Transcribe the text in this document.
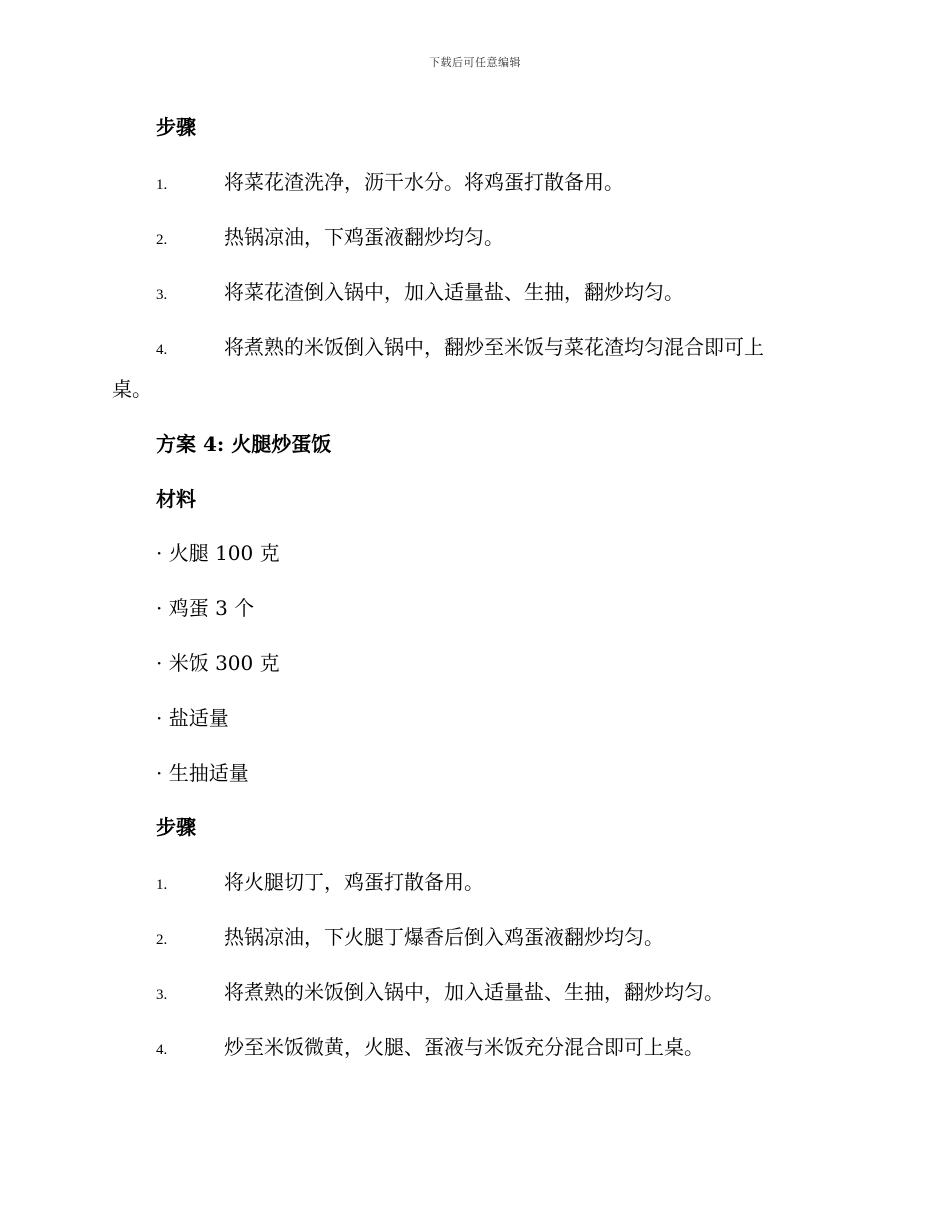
下载后可任意编辑
步骤
1.	将菜花渣洗净，沥干水分。将鸡蛋打散备用。
2.	热锅凉油，下鸡蛋液翻炒均匀。
3.	将菜花渣倒入锅中，加入适量盐、生抽，翻炒均匀。
4.	将煮熟的米饭倒入锅中，翻炒至米饭与菜花渣均匀混合即可上
桌。
方案 4: 火腿炒蛋饭
材料
· 火腿 100 克
· 鸡蛋 3 个
· 米饭 300 克
· 盐适量
· 生抽适量
步骤
1.	将火腿切丁，鸡蛋打散备用。
2.	热锅凉油，下火腿丁爆香后倒入鸡蛋液翻炒均匀。
3.	将煮熟的米饭倒入锅中，加入适量盐、生抽，翻炒均匀。
4.	炒至米饭微黄，火腿、蛋液与米饭充分混合即可上桌。
